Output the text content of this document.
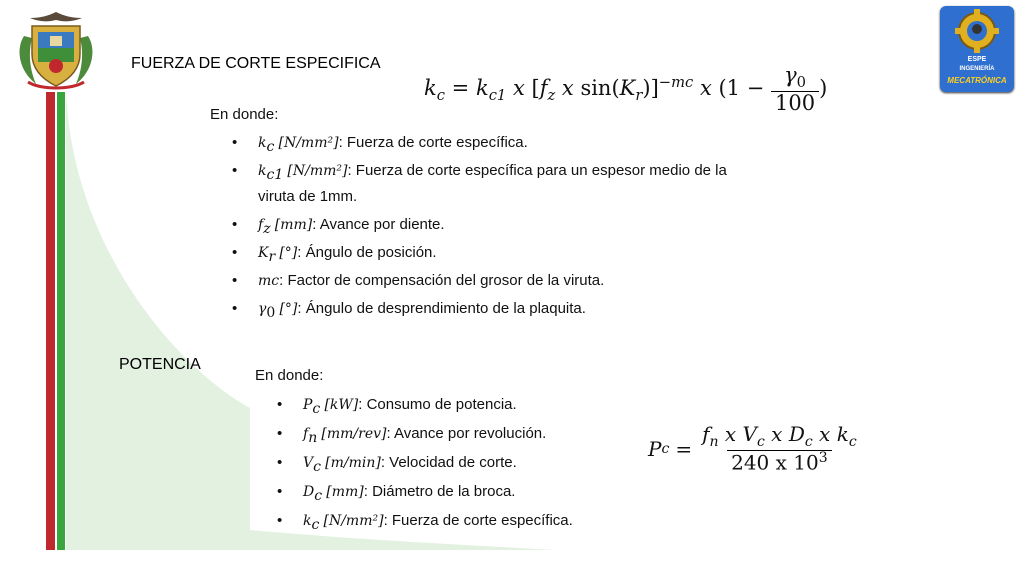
ESPE
INGENIERÍA
MECATRÓNICA
FUERZA DE CORTE ESPECIFICA
$k_c = k_{c1}$ x [$f_z$ x $\sin(K_r)]^{-mc}$ x ($1 - \frac{\gamma_0}{100}$ )
En donde:
• $k_c$ [N/mm²]: Fuerza de corte específica.
• $k_{c1}$ [N/mm²]: Fuerza de corte específica para un espesor medio de la
viruta de 1mm.
• $f_z$ [mm]: Avance por diente.
• $K_r$ [°]: Ángulo de posición.
• mc: Factor de compensación del grosor de la viruta.
• $\gamma_0$ [°]: Ángulo de desprendimiento de la plaquita.
POTENCIA
En donde:
• $P_c$ [kW]: Consumo de potencia.
• $f_n$ [mm/rev]: Avance por revolución.
• $V_c$ [m/min]: Velocidad de corte.
• $D_c$ [mm]: Diámetro de la broca.
• $k_c$ [N/mm²]: Fuerza de corte específica.
P $c = \frac{f_n x V_c x D_c x k_c}{240 x 10^3}$
